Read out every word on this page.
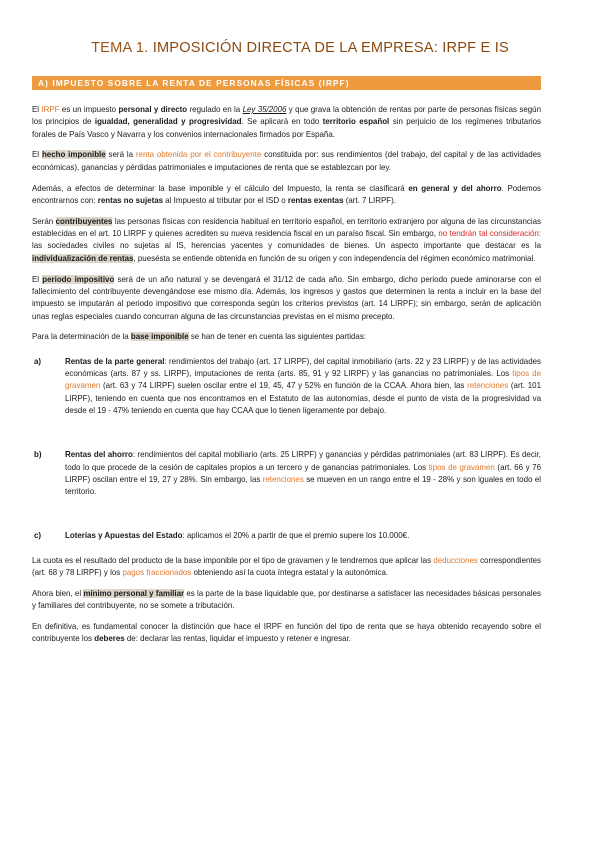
TEMA 1. IMPOSICIÓN DIRECTA DE LA EMPRESA: IRPF E IS
A) IMPUESTO SOBRE LA RENTA DE PERSONAS FÍSICAS (IRPF)

El IRPF es un impuesto personal y directo regulado en la Ley 35/2006 y que grava la obtención de rentas por parte de personas físicas según los principios de igualdad, generalidad y progresividad. Se aplicará en todo territorio español sin perjuicio de los regímenes tributarios forales de País Vasco y Navarra y los convenios internacionales firmados por España.

El hecho imponible será la renta obtenida por el contribuyente constituida por: sus rendimientos (del trabajo, del capital y de las actividades económicas), ganancias y pérdidas patrimoniales e imputaciones de renta que se establezcan por ley.

Además, a efectos de determinar la base imponible y el cálculo del Impuesto, la renta se clasificará en general y del ahorro. Podemos encontrarnos con: rentas no sujetas al Impuesto al tributar por el ISD o rentas exentas (art. 7 LIRPF).

Serán contribuyentes las personas físicas con residencia habitual en territorio español, en territorio extranjero por alguna de las circunstancias establecidas en el art. 10 LIRPF y quienes acrediten su nueva residencia fiscal en un paraíso fiscal. Sin embargo, no tendrán tal consideración: las sociedades civiles no sujetas al IS, herencias yacentes y comunidades de bienes. Un aspecto importante que destacar es la individualización de rentas, puesésta se entiende obtenida en función de su origen y con independencia del régimen económico matrimonial.

El periodo impositivo será de un año natural y se devengará el 31/12 de cada año. Sin embargo, dicho periodo puede aminorarse con el fallecimiento del contribuyente devengándose ese mismo día. Además, los ingresos y gastos que determinen la renta a incluir en la base del impuesto se imputarán al periodo impositivo que corresponda según los criterios previstos (art. 14 LIRPF); sin embargo, serán de aplicación unas reglas especiales cuando concurran alguna de las circunstancias previstas en el mismo precepto.

Para la determinación de la base imponible se han de tener en cuenta las siguientes partidas:

a)	Rentas de la parte general: rendimientos del trabajo (art. 17 LIRPF), del capital inmobiliario (arts. 22 y 23 LIRPF) y de las actividades económicas (arts. 87 y ss. LIRPF), imputaciones de renta (arts. 85, 91 y 92 LIRPF) y las ganancias no patrimoniales. Los tipos de gravamen (art. 63 y 74 LIRPF) suelen oscilar entre el 19, 45, 47 y 52% en función de la CCAA. Ahora bien, las retenciones (art. 101 LIRPF), teniendo en cuenta que nos encontramos en el Estatuto de las autonomías, desde el punto de vista de la progresividad va desde el 19 - 47% teniendo en cuenta que hay CCAA que lo tienen ligeramente por debajo.
b)	Rentas del ahorro: rendimientos del capital mobiliario (arts. 25 LIRPF) y ganancias y pérdidas patrimoniales (art. 83 LIRPF). Es decir, todo lo que procede de la cesión de capitales propios a un tercero y de ganancias patrimoniales. Los tipos de gravamen (art. 66 y 76 LIRPF) oscilan entre el 19, 27 y 28%. Sin embargo, las retenciones se mueven en un rango entre el 19 - 28% y son iguales en todo el territorio.
c)	Loterías y Apuestas del Estado: aplicamos el 20% a partir de que el premio supere los 10.000€.

La cuota es el resultado del producto de la base imponible por el tipo de gravamen y le tendremos que aplicar las deducciones correspondientes (art. 68 y 78 LIRPF) y los pagos fraccionados obteniendo así la cuota íntegra estatal y la autonómica.

Ahora bien, el mínimo personal y familiar es la parte de la base liquidable que, por destinarse a satisfacer las necesidades básicas personales y familiares del contribuyente, no se somete a tributación.

En definitiva, es fundamental conocer la distinción que hace el IRPF en función del tipo de renta que se haya obtenido recayendo sobre el contribuyente los deberes de: declarar las rentas, liquidar el impuesto y retener e ingresar.
